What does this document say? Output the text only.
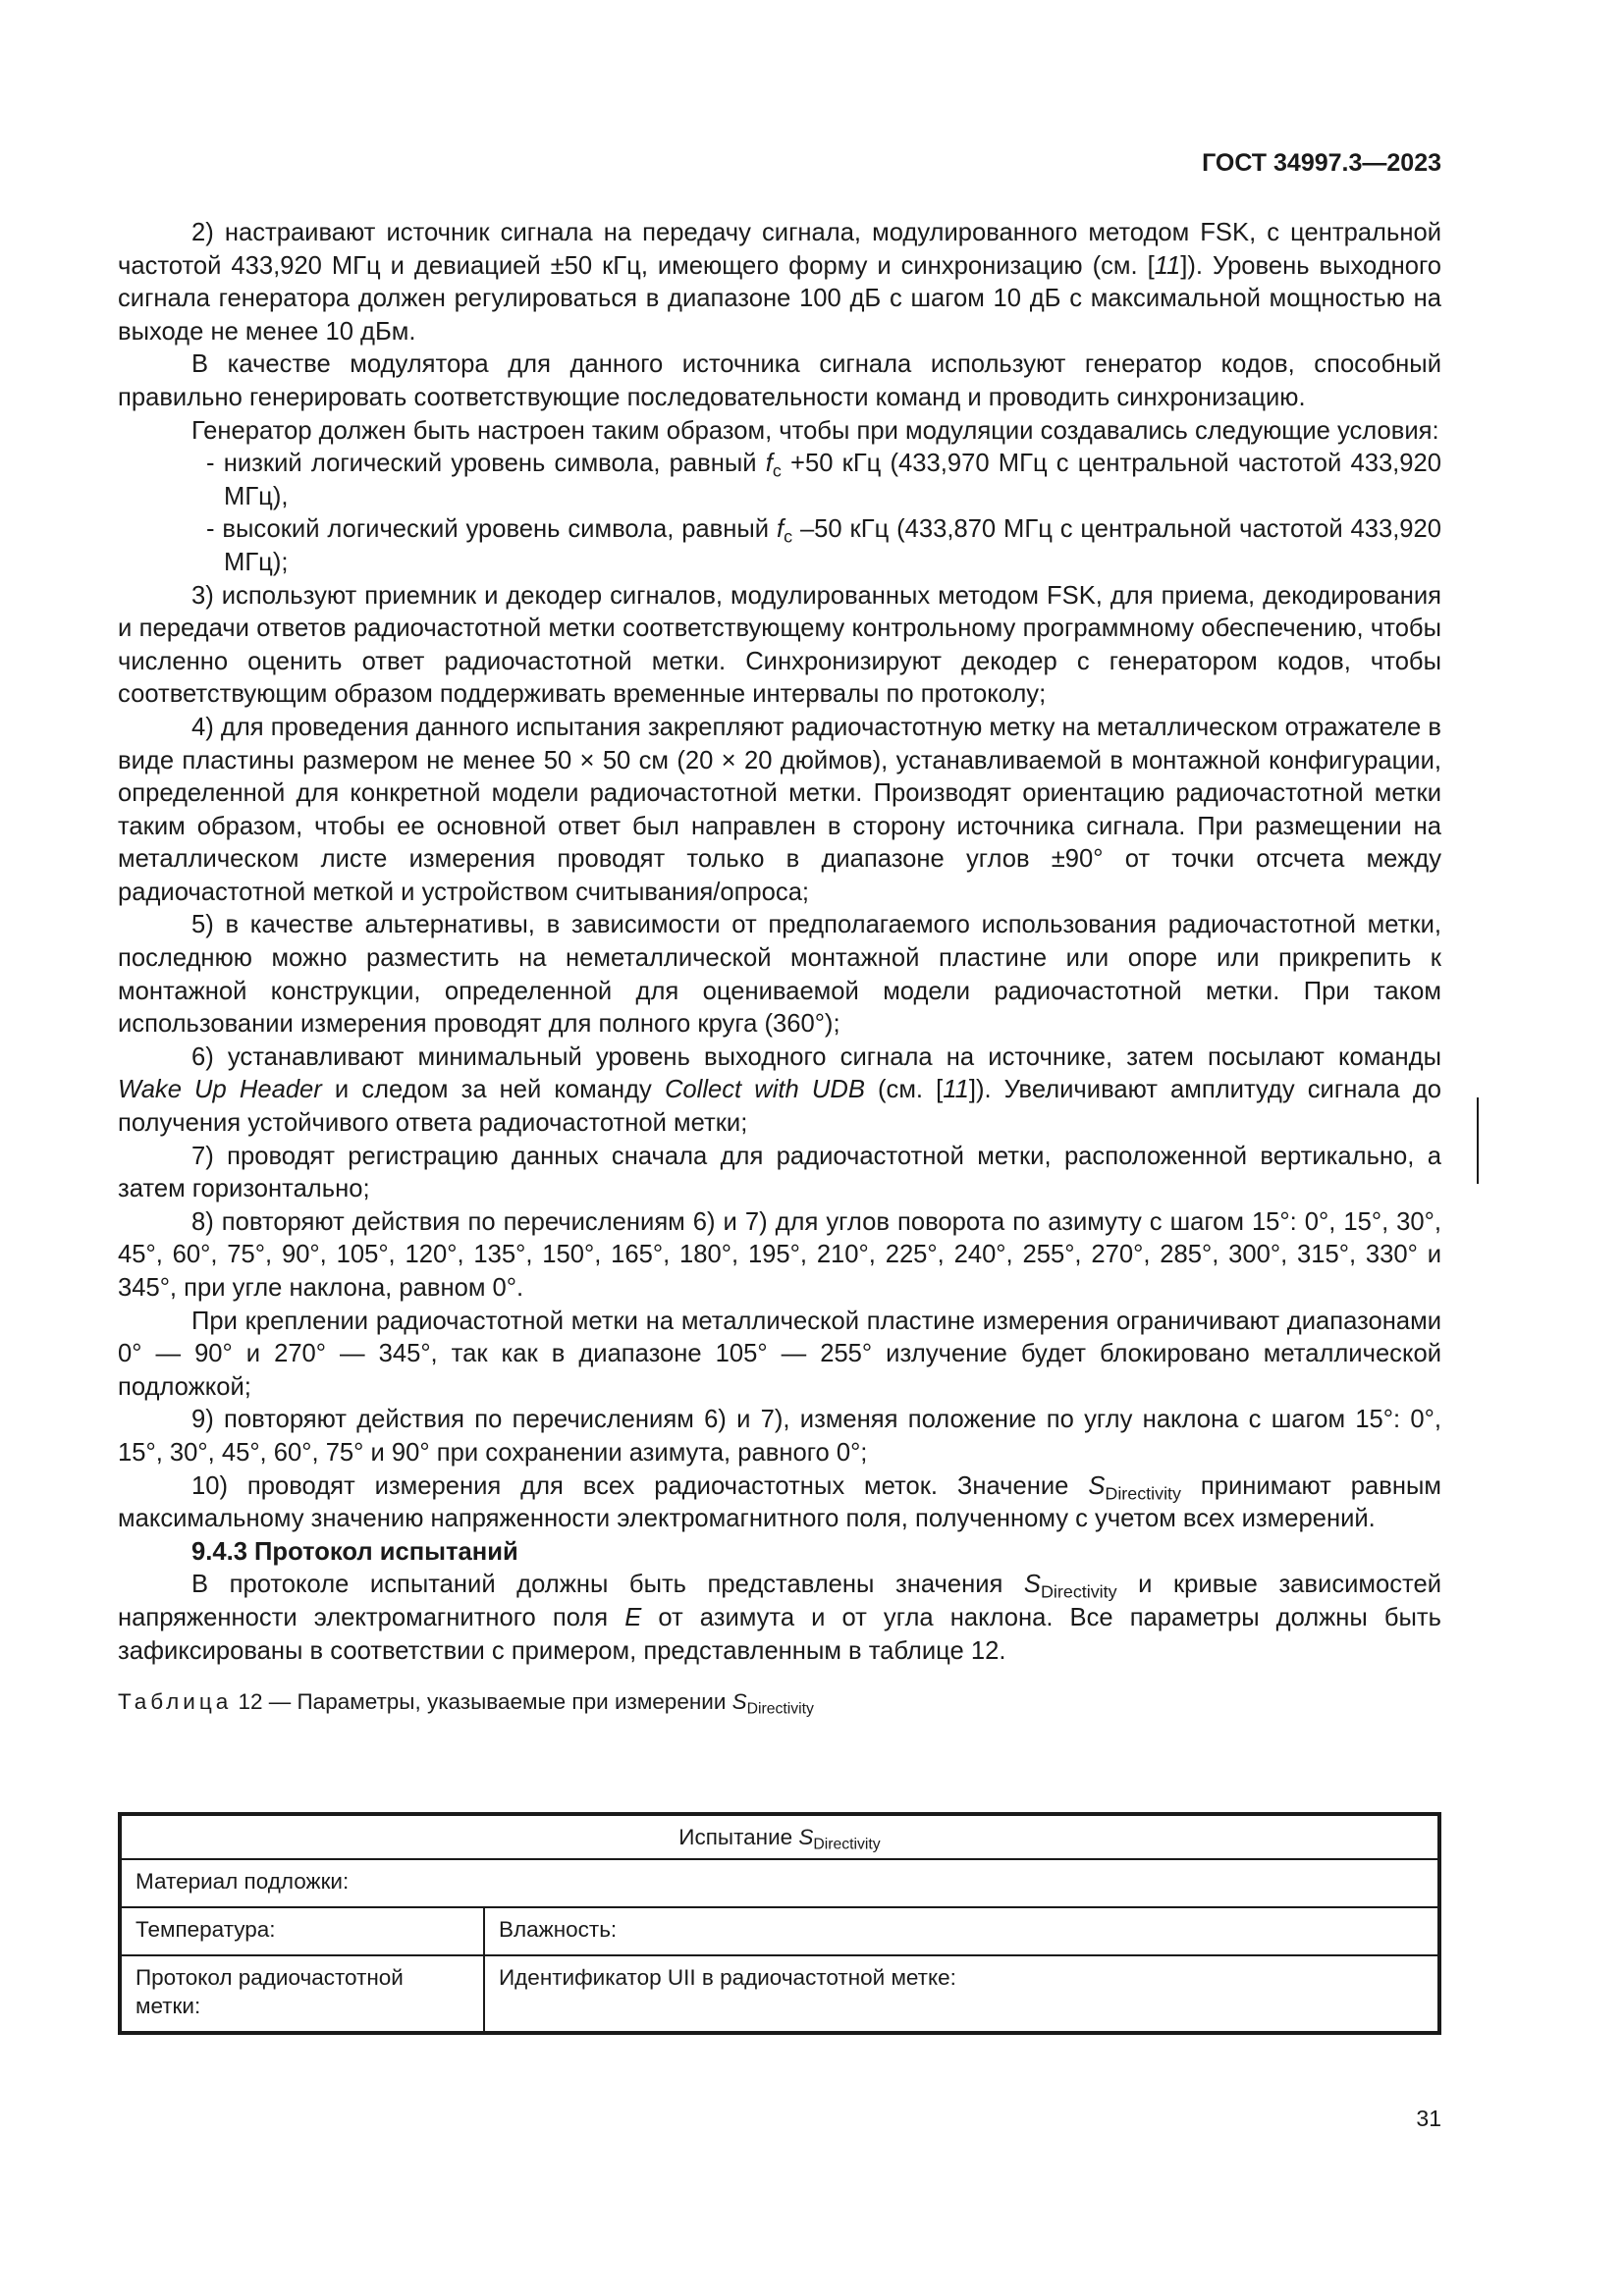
ГОСТ 34997.3—2023

2) настраивают источник сигнала на передачу сигнала, модулированного методом FSK, с центральной частотой 433,920 МГц и девиацией ±50 кГц, имеющего форму и синхронизацию (см. [11]). Уровень выходного сигнала генератора должен регулироваться в диапазоне 100 дБ с шагом 10 дБ с максимальной мощностью на выходе не менее 10 дБм.

В качестве модулятора для данного источника сигнала используют генератор кодов, способный правильно генерировать соответствующие последовательности команд и проводить синхронизацию.

Генератор должен быть настроен таким образом, чтобы при модуляции создавались следующие условия:

- низкий логический уровень символа, равный $f_c +50$ кГц (433,970 МГц с центральной частотой 433,920 МГц),

- высокий логический уровень символа, равный $f_c$ –50 кГц (433,870 МГц с центральной частотой 433,920 МГц);

3) используют приемник и декодер сигналов, модулированных методом FSK, для приема, декодирования и передачи ответов радиочастотной метки соответствующему контрольному программному обеспечению, чтобы численно оценить ответ радиочастотной метки. Синхронизируют декодер с генератором кодов, чтобы соответствующим образом поддерживать временные интервалы по протоколу;

4) для проведения данного испытания закрепляют радиочастотную метку на металлическом отражателе в виде пластины размером не менее 50 × 50 см (20 × 20 дюймов), устанавливаемой в монтажной конфигурации, определенной для конкретной модели радиочастотной метки. Производят ориентацию радиочастотной метки таким образом, чтобы ее основной ответ был направлен в сторону источника сигнала. При размещении на металлическом листе измерения проводят только в диапазоне углов ±90° от точки отсчета между радиочастотной меткой и устройством считывания/опроса;

5) в качестве альтернативы, в зависимости от предполагаемого использования радиочастотной метки, последнюю можно разместить на неметаллической монтажной пластине или опоре или прикрепить к монтажной конструкции, определенной для оцениваемой модели радиочастотной метки. При таком использовании измерения проводят для полного круга (360°);

6) устанавливают минимальный уровень выходного сигнала на источнике, затем посылают команды Wake Up Header и следом за ней команду Collect with UDB (см. [11]). Увеличивают амплитуду сигнала до получения устойчивого ответа радиочастотной метки;

7) проводят регистрацию данных сначала для радиочастотной метки, расположенной вертикально, а затем горизонтально;

8) повторяют действия по перечислениям 6) и 7) для углов поворота по азимуту с шагом 15°: 0°, 15°, 30°, 45°, 60°, 75°, 90°, 105°, 120°, 135°, 150°, 165°, 180°, 195°, 210°, 225°, 240°, 255°, 270°, 285°, 300°, 315°, 330° и 345°, при угле наклона, равном 0°.

При креплении радиочастотной метки на металлической пластине измерения ограничивают диапазонами 0° — 90° и 270° — 345°, так как в диапазоне 105° — 255° излучение будет блокировано металлической подложкой;

9) повторяют действия по перечислениям 6) и 7), изменяя положение по углу наклона с шагом 15°: 0°, 15°, 30°, 45°, 60°, 75° и 90° при сохранении азимута, равного 0°;

10) проводят измерения для всех радиочастотных меток. Значение $S_{Directivity}$ принимают равным максимальному значению напряженности электромагнитного поля, полученному с учетом всех измерений.

9.4.3 Протокол испытаний

В протоколе испытаний должны быть представлены значения $S_{Directivity}$ и кривые зависимостей напряженности электромагнитного поля E от азимута и от угла наклона. Все параметры должны быть зафиксированы в соответствии с примером, представленным в таблице 12.

Таблица 12 — Параметры, указываемые при измерении $S_{Directivity}$

Испытание $S_{Directivity}$
Материал подложки:	
Температура:	Влажность:
Протокол радиочастотной метки:	Идентификатор UII в радиочастотной метке:
31
